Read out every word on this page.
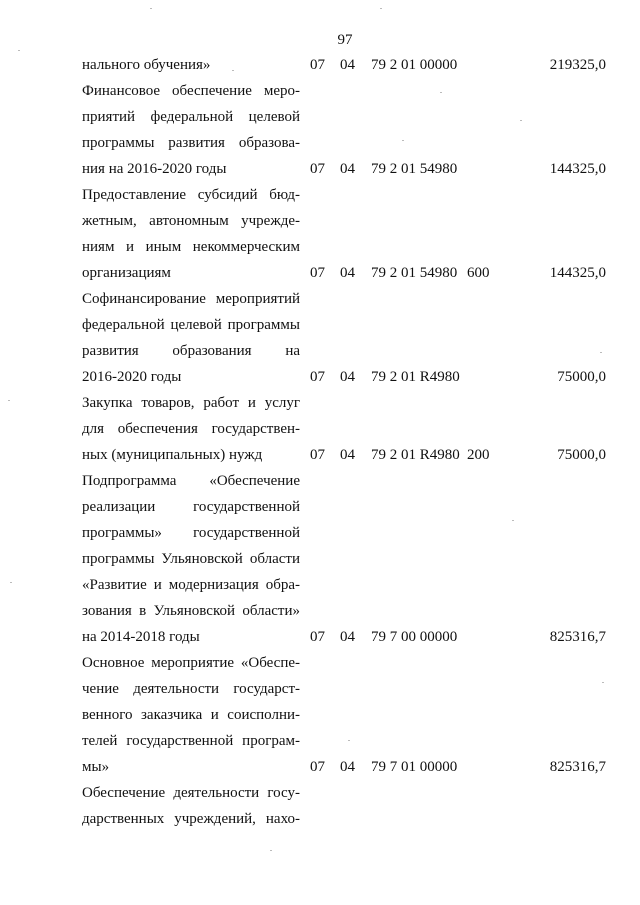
97
нального обучения»	07 04 79 2 01 00000	219325,0
Финансовое обеспечение меро-
приятий федеральной целевой
программы развития образова-
ния на 2016-2020 годы	07 04 79 2 01 54980	144325,0
Предоставление субсидий бюд-
жетным, автономным учрежде-
ниям и иным некоммерческим
организациям	07 04 79 2 01 54980 600	144325,0
Софинансирование мероприятий
федеральной целевой программы
развития образования на
2016-2020 годы	07 04 79 2 01 R4980	75000,0
Закупка товаров, работ и услуг
для обеспечения государствен-
ных (муниципальных) нужд	07 04 79 2 01 R4980 200	75000,0
Подпрограмма «Обеспечение
реализации государственной
программы» государственной
программы Ульяновской области
«Развитие и модернизация обра-
зования в Ульяновской области»
на 2014-2018 годы	07 04 79 7 00 00000	825316,7
Основное мероприятие «Обеспе-
чение деятельности государст-
венного заказчика и соисполни-
телей государственной програм-
мы»	07 04 79 7 01 00000	825316,7
Обеспечение деятельности госу-
дарственных учреждений, нахо-
